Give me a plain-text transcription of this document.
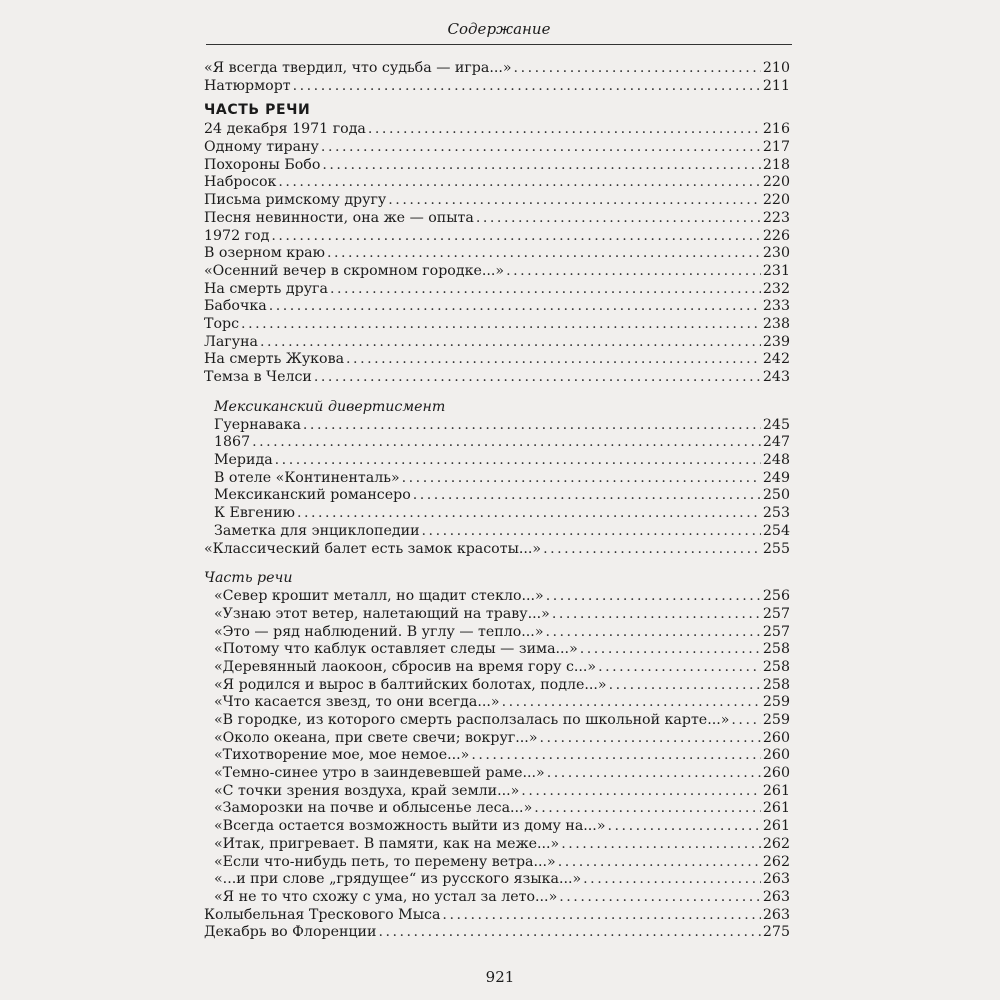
Содержание
«Я всегда твердил, что судьба — игра...» . . .	210
Натюрморт . . .	211
ЧАСТЬ РЕЧИ
24 декабря 1971 года . . .	216
Одному тирану . . .	217
Похороны Бобо . . .	218
Набросок . . .	220
Письма римскому другу . . .	220
Песня невинности, она же — опыта . . .	223
1972 год . . .	226
В озерном краю . . .	230
«Осенний вечер в скромном городке...» . . .	231
На смерть друга . . .	232
Бабочка . . .	233
Торс . . .	238
Лагуна . . .	239
На смерть Жукова . . .	242
Темза в Челси . . .	243
Мексиканский дивертисмент
Гуернавака . . .	245
1867 . . .	247
Мерида . . .	248
В отеле «Континенталь» . . .	249
Мексиканский романсеро . . .	250
К Евгению . . .	253
Заметка для энциклопедии . . .	254
«Классический балет есть замок красоты...» . . .	255
Часть речи
«Север крошит металл, но щадит стекло...» . . .	256
«Узнаю этот ветер, налетающий на траву...» . . .	257
«Это — ряд наблюдений. В углу — тепло...» . . .	257
«Потому что каблук оставляет следы — зима...» . . .	258
«Деревянный лаокоон, сбросив на время гору с...» . . .	258
«Я родился и вырос в балтийских болотах, подле...» . . .	258
«Что касается звезд, то они всегда...» . . .	259
«В городке, из которого смерть расползалась по школьной карте...» . . . 259
«Около океана, при свете свечи; вокруг...» . . .	260
«Тихотворение мое, мое немое...» . . .	260
«Темно-синее утро в заиндевевшей раме...» . . .	260
«С точки зрения воздуха, край земли...» . . .	261
«Заморозки на почве и облысенье леса...» . . .	261
«Всегда остается возможность выйти из дому на...» . . .	261
«Итак, пригревает. В памяти, как на меже...» . . .	262
«Если что-нибудь петь, то перемену ветра...» . . .	262
«...и при слове „грядущее“ из русского языка...» . . .	263
«Я не то что схожу с ума, но устал за лето...» . . .	263
Колыбельная Трескового Мыса . . .	263
Декабрь во Флоренции . . .	275
921
